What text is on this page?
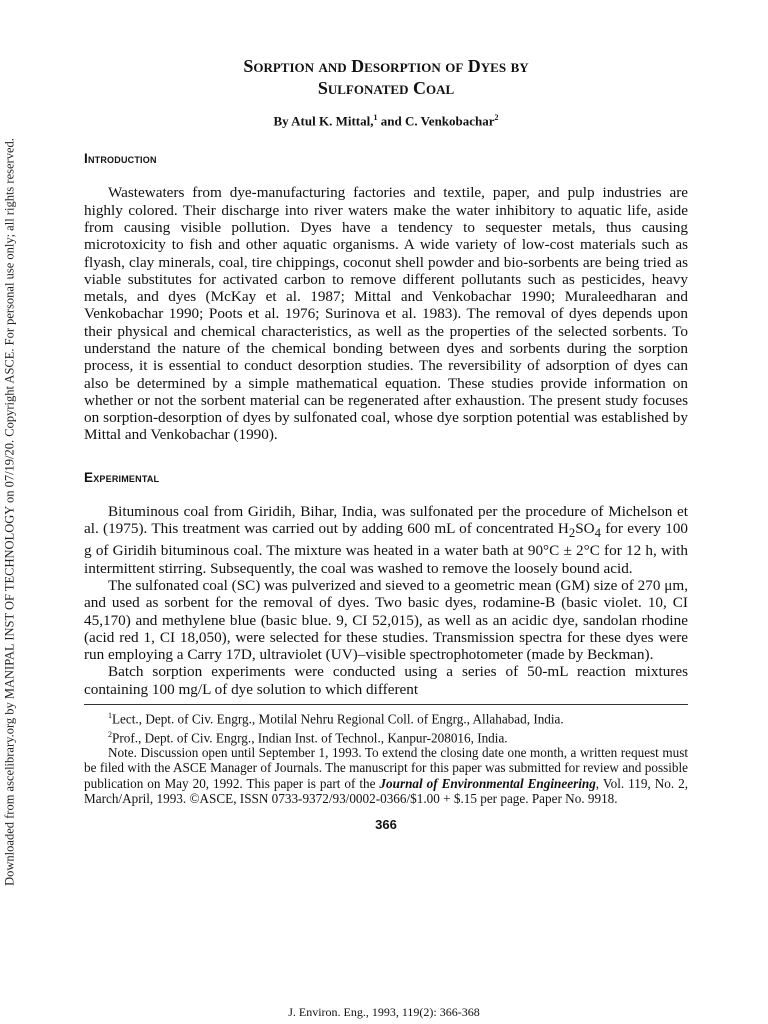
Downloaded from ascelibrary.org by MANIPAL INST OF TECHNOLOGY on 07/19/20. Copyright ASCE. For personal use only; all rights reserved.
Sorption and Desorption of Dyes by
Sulfonated Coal
By Atul K. Mittal,$^1$ and C. Venkobachar$^2$
Introduction

Wastewaters from dye-manufacturing factories and textile, paper, and pulp industries are highly colored. Their discharge into river waters make the water inhibitory to aquatic life, aside from causing visible pollution. Dyes have a tendency to sequester metals, thus causing microtoxicity to fish and other aquatic organisms. A wide variety of low-cost materials such as flyash, clay minerals, coal, tire chippings, coconut shell powder and bio-sorbents are being tried as viable substitutes for activated carbon to remove different pollutants such as pesticides, heavy metals, and dyes (McKay et al. 1987; Mittal and Venkobachar 1990; Muraleedharan and Venkobachar 1990; Poots et al. 1976; Surinova et al. 1983). The removal of dyes depends upon their physical and chemical characteristics, as well as the properties of the selected sorbents. To understand the nature of the chemical bonding between dyes and sorbents during the sorption process, it is essential to conduct desorption studies. The reversibility of adsorption of dyes can also be determined by a simple mathematical equation. These studies provide information on whether or not the sorbent material can be regenerated after exhaustion. The present study focuses on sorption-desorption of dyes by sulfonated coal, whose dye sorption potential was established by Mittal and Venkobachar (1990).

Experimental

Bituminous coal from Giridih, Bihar, India, was sulfonated per the procedure of Michelson et al. (1975). This treatment was carried out by adding 600 mL of concentrated $H_2SO_4$ for every 100 g of Giridih bituminous coal. The mixture was heated in a water bath at 90°C ± 2°C for 12 h, with intermittent stirring. Subsequently, the coal was washed to remove the loosely bound acid.

The sulfonated coal (SC) was pulverized and sieved to a geometric mean (GM) size of 270 μm, and used as sorbent for the removal of dyes. Two basic dyes, rodamine-B (basic violet. 10, CI 45,170) and methylene blue (basic blue. 9, CI 52,015), as well as an acidic dye, sandolan rhodine (acid red 1, CI 18,050), were selected for these studies. Transmission spectra for these dyes were run employing a Carry 17D, ultraviolet (UV)–visible spectrophotometer (made by Beckman).

Batch sorption experiments were conducted using a series of 50-mL reaction mixtures containing 100 mg/L of dye solution to which different

$^1$Lect., Dept. of Civ. Engrg., Motilal Nehru Regional Coll. of Engrg., Allahabad, India.

$^2$Prof., Dept. of Civ. Engrg., Indian Inst. of Technol., Kanpur-208016, India.

Note. Discussion open until September 1, 1993. To extend the closing date one month, a written request must be filed with the ASCE Manager of Journals. The manuscript for this paper was submitted for review and possible publication on May 20, 1992. This paper is part of the Journal of Environmental Engineering, Vol. 119, No. 2, March/April, 1993. ©ASCE, ISSN 0733-9372/93/0002-0366/$1.00 + $.15 per page. Paper No. 9918.

366
J. Environ. Eng., 1993, 119(2): 366-368
